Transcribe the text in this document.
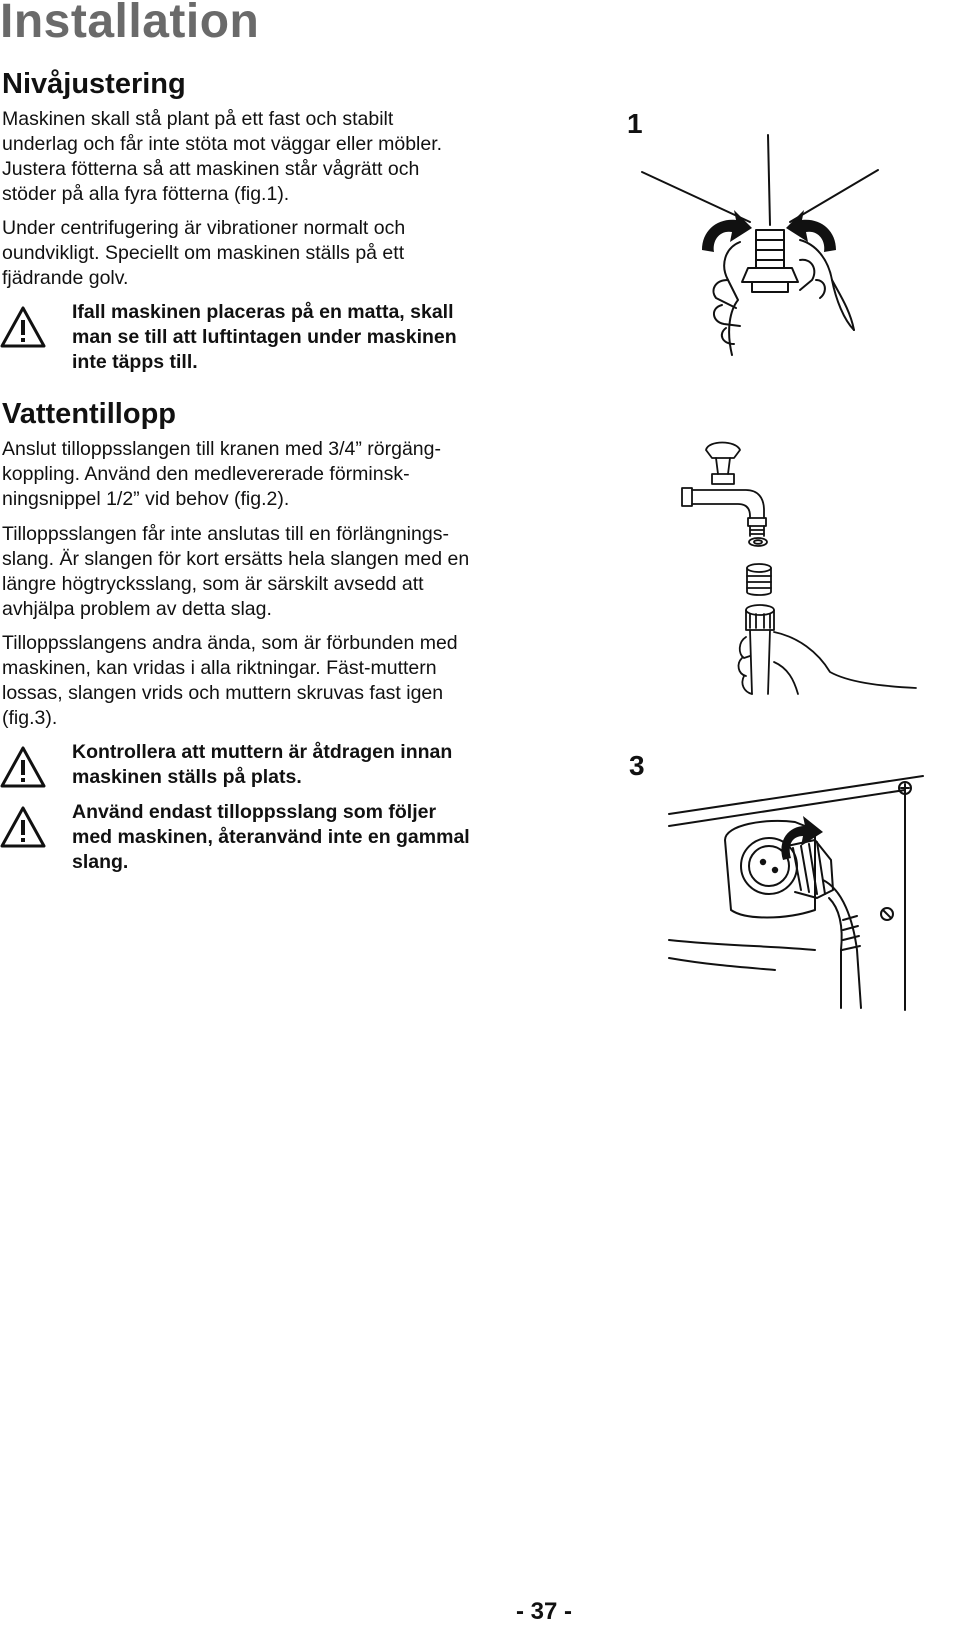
Installation
Nivåjustering

Maskinen skall stå plant på ett fast och stabilt underlag och får inte stöta mot väggar eller möbler. Justera fötterna så att maskinen står vågrätt och stöder på alla fyra fötterna (fig.1).

Under centrifugering är vibrationer normalt och oundvikligt. Speciellt om maskinen ställs på ett fjädrande golv.

Ifall maskinen placeras på en matta, skall man se till att luftintagen under maskinen inte täpps till.

Vattentillopp

Anslut tilloppsslangen till kranen med 3/4” rörgäng-koppling. Använd den medlevererade förminsk-ningsnippel 1/2” vid behov (fig.2).

Tilloppsslangen får inte anslutas till en förlängnings-slang. Är slangen för kort ersätts hela slangen med en längre högtrycksslang, som är särskilt avsedd att avhjälpa problem av detta slag.

Tilloppsslangens andra ända, som är förbunden med maskinen, kan vridas i alla riktningar. Fäst-muttern lossas, slangen vrids och muttern skruvas fast igen (fig.3).

Kontrollera att muttern är åtdragen innan maskinen ställs på plats.

Använd endast tilloppsslang som följer med maskinen, återanvänd inte en gammal slang.

1
3
- 37 -
